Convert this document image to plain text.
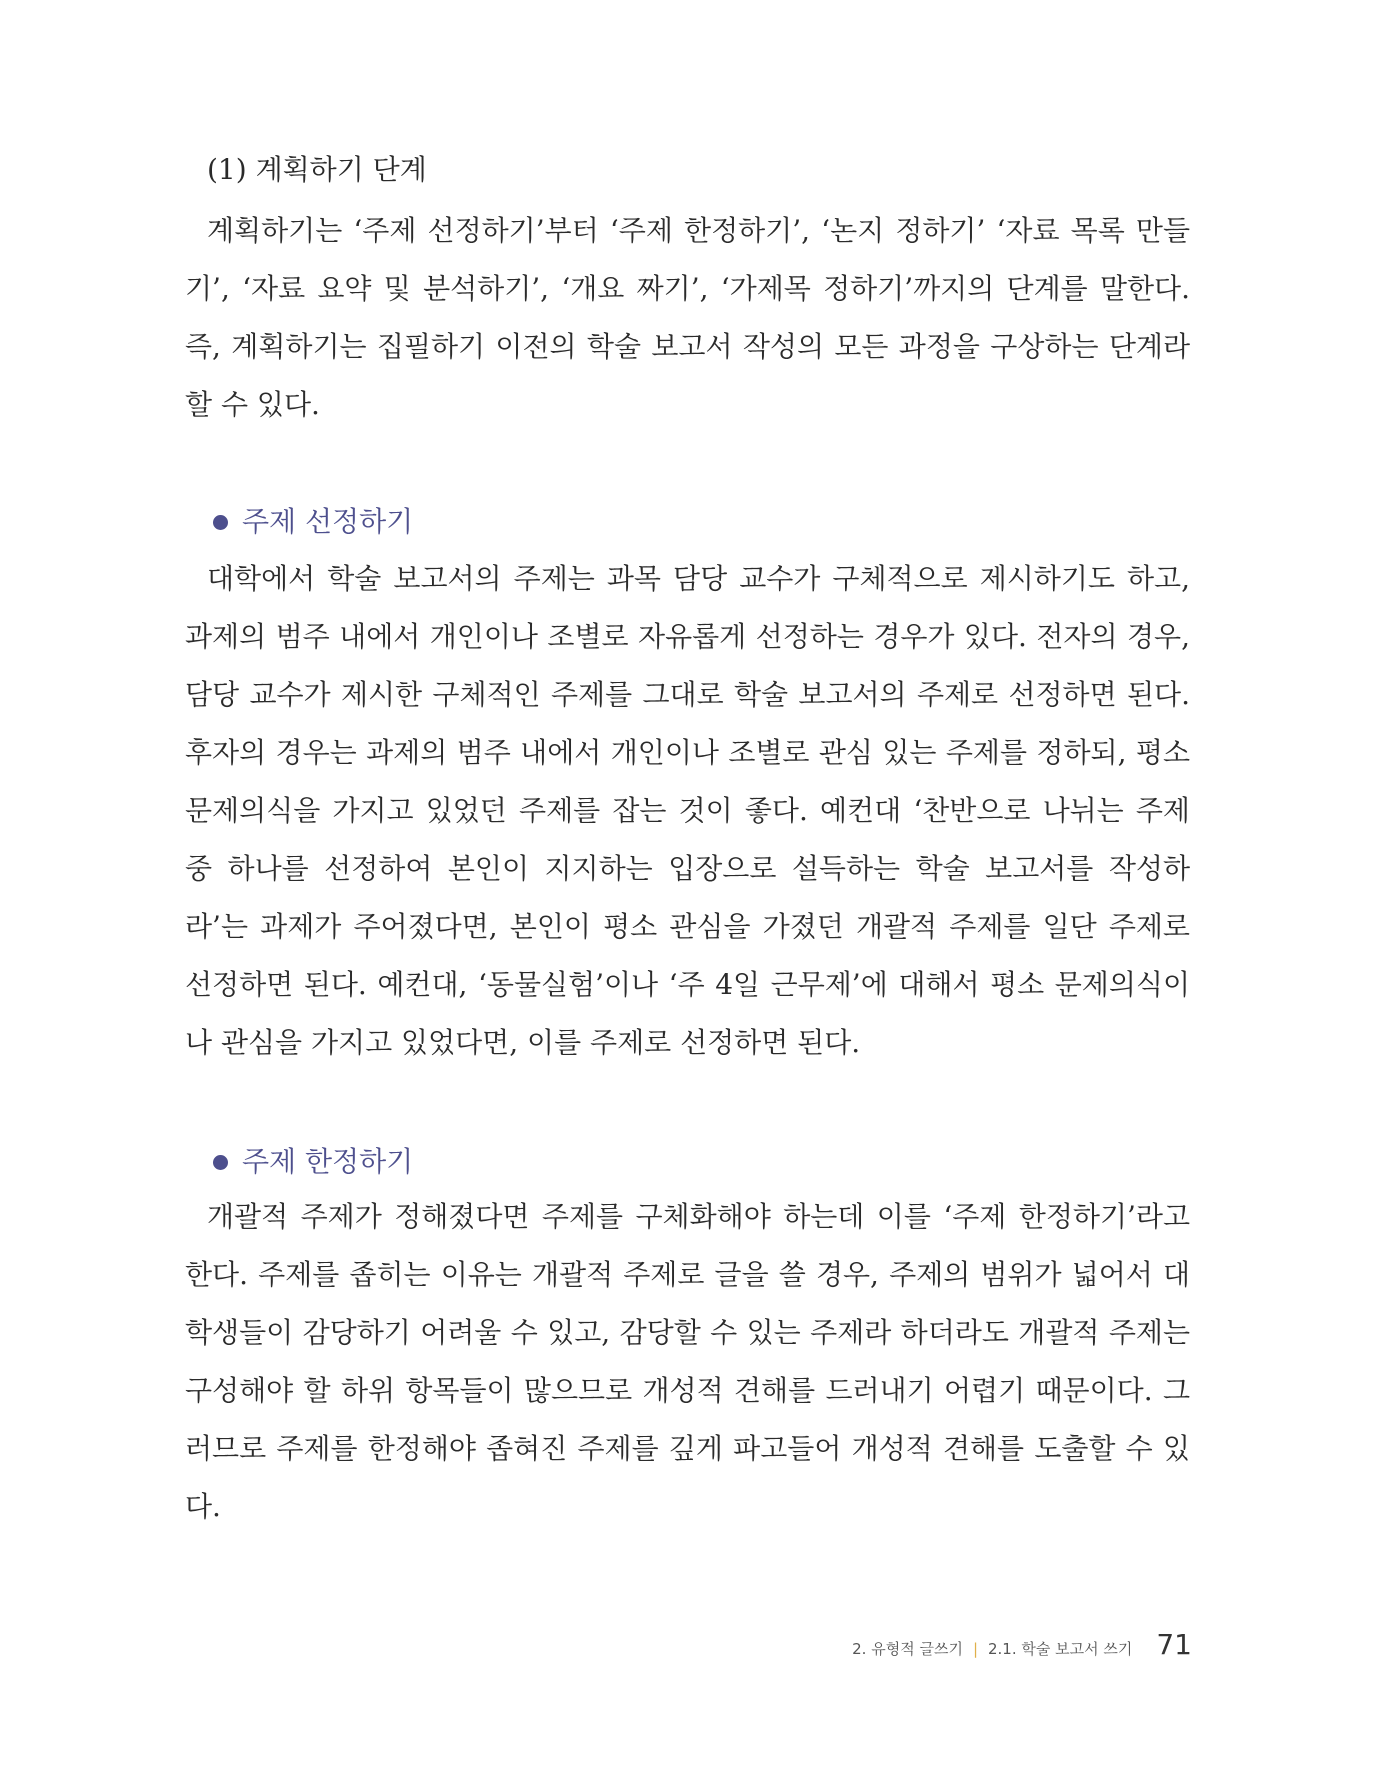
(1) 계획하기 단계

계획하기는 ‘주제 선정하기’부터 ‘주제 한정하기’, ‘논지 정하기’ ‘자료 목록 만들기’, ‘자료 요약 및 분석하기’, ‘개요 짜기’, ‘가제목 정하기’까지의 단계를 말한다. 즉, 계획하기는 집필하기 이전의 학술 보고서 작성의 모든 과정을 구상하는 단계라 할 수 있다.

주제 선정하기

대학에서 학술 보고서의 주제는 과목 담당 교수가 구체적으로 제시하기도 하고, 과제의 범주 내에서 개인이나 조별로 자유롭게 선정하는 경우가 있다. 전자의 경우, 담당 교수가 제시한 구체적인 주제를 그대로 학술 보고서의 주제로 선정하면 된다. 후자의 경우는 과제의 범주 내에서 개인이나 조별로 관심 있는 주제를 정하되, 평소 문제의식을 가지고 있었던 주제를 잡는 것이 좋다. 예컨대 ‘찬반으로 나뉘는 주제 중 하나를 선정하여 본인이 지지하는 입장으로 설득하는 학술 보고서를 작성하라’는 과제가 주어졌다면, 본인이 평소 관심을 가졌던 개괄적 주제를 일단 주제로 선정하면 된다. 예컨대, ‘동물실험’이나 ‘주 4일 근무제’에 대해서 평소 문제의식이나 관심을 가지고 있었다면, 이를 주제로 선정하면 된다.

주제 한정하기

개괄적 주제가 정해졌다면 주제를 구체화해야 하는데 이를 ‘주제 한정하기’라고 한다. 주제를 좁히는 이유는 개괄적 주제로 글을 쓸 경우, 주제의 범위가 넓어서 대학생들이 감당하기 어려울 수 있고, 감당할 수 있는 주제라 하더라도 개괄적 주제는 구성해야 할 하위 항목들이 많으므로 개성적 견해를 드러내기 어렵기 때문이다. 그러므로 주제를 한정해야 좁혀진 주제를 깊게 파고들어 개성적 견해를 도출할 수 있다.

2. 유형적 글쓰기 | 2.1. 학술 보고서 쓰기 71
